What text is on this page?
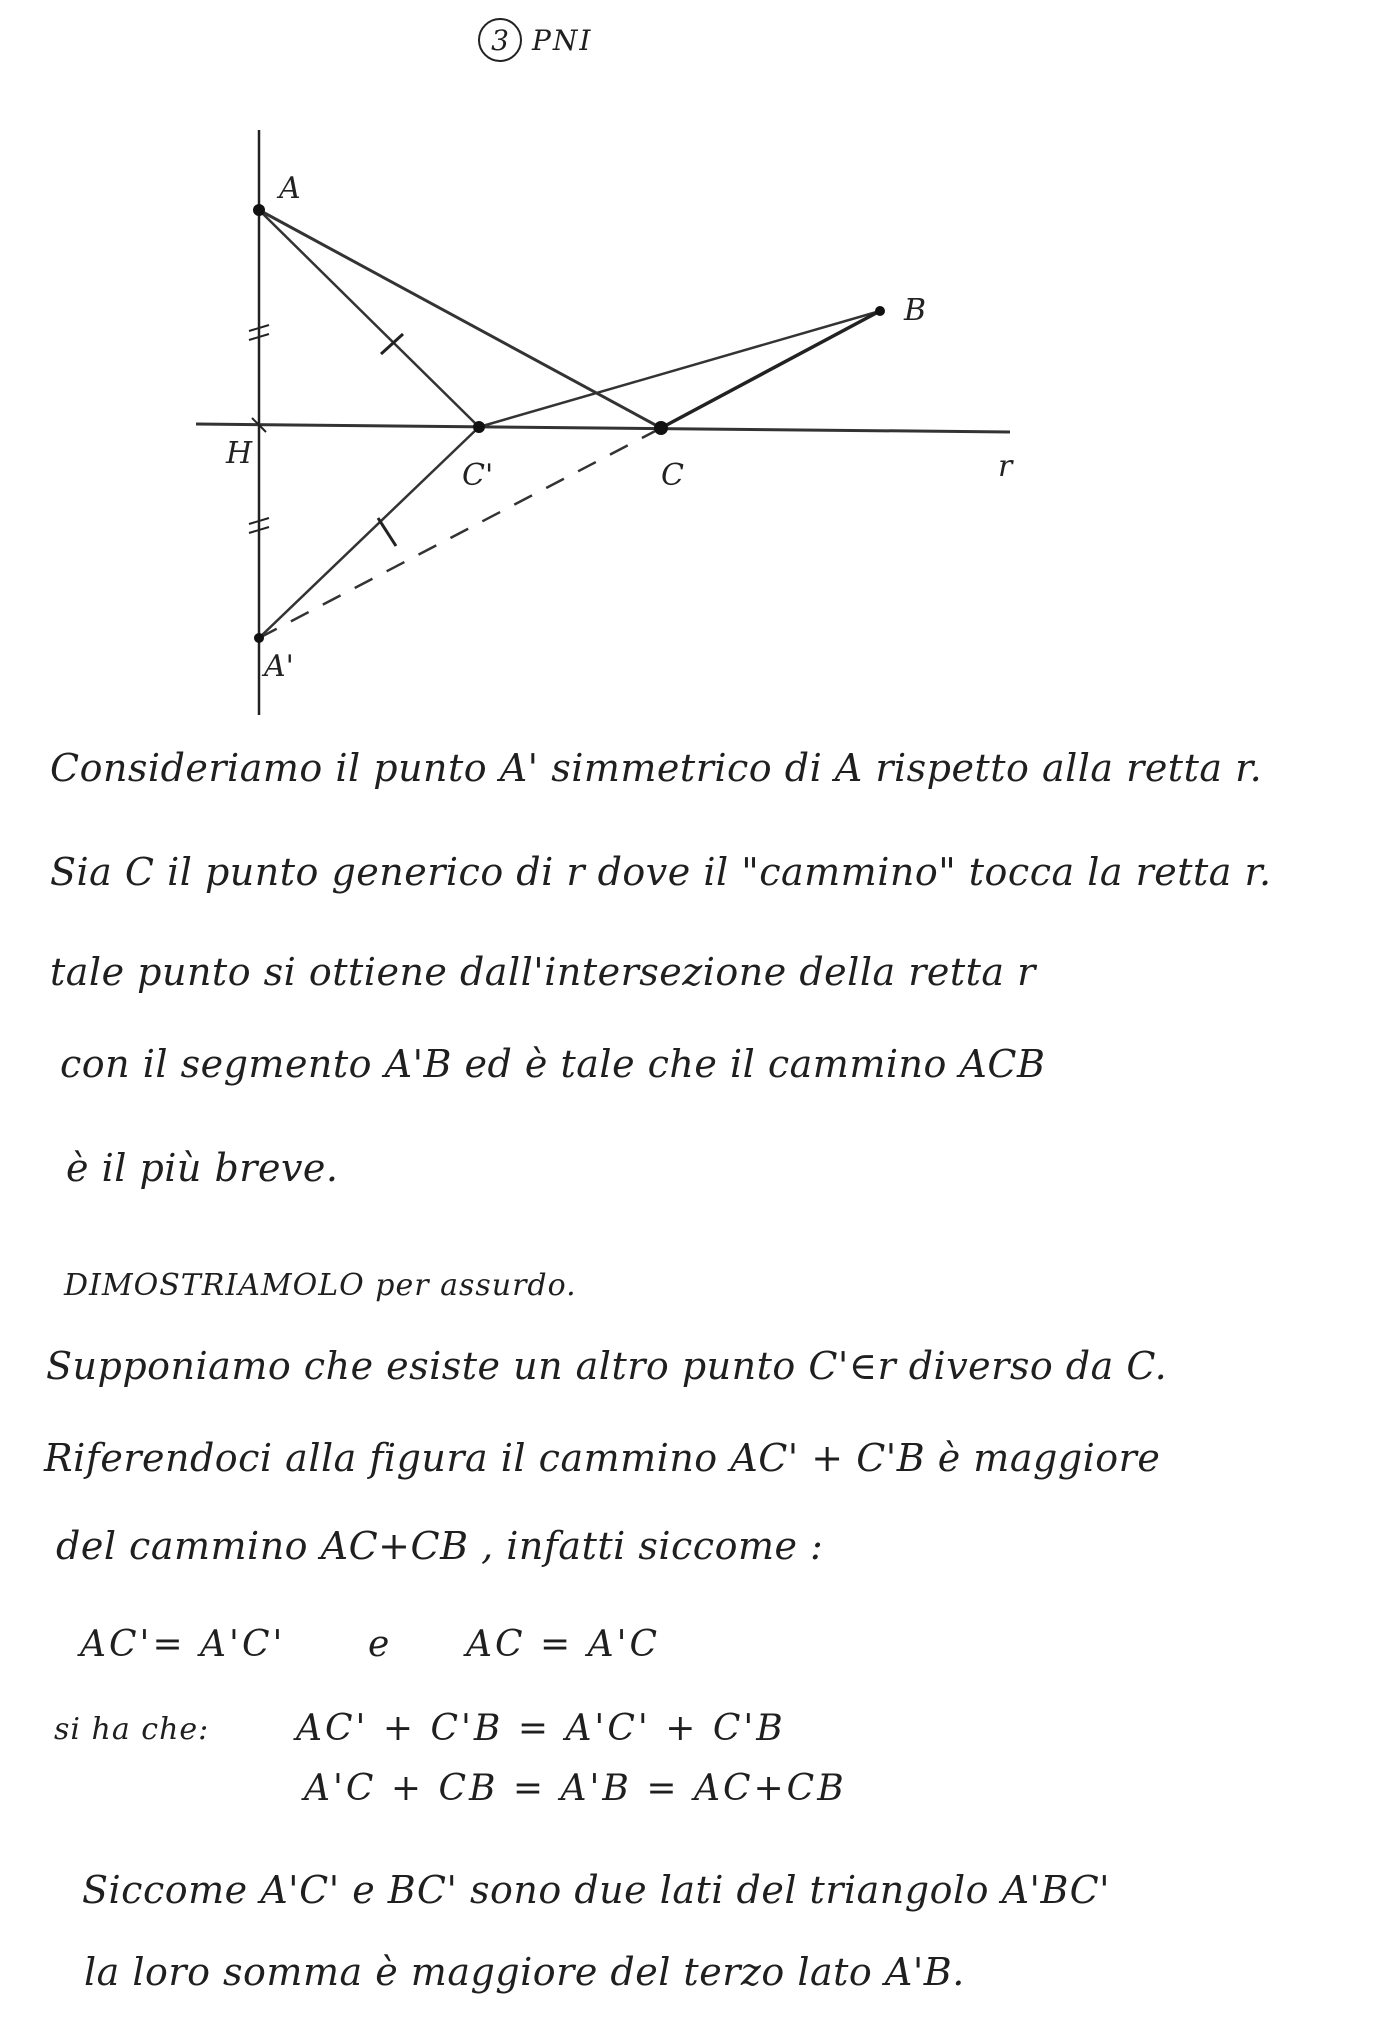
3 PNI
A
B
H
C'	C
A'
r
Consideriamo il punto A' simmetrico di A rispetto alla retta r.
Sia C il punto generico di r dove il "cammino" tocca la retta r.
tale punto si ottiene dall'intersezione della retta r
con il segmento A'B ed è tale che il cammino ACB
è il più breve.
DIMOSTRIAMOLO per assurdo.
Supponiamo che esiste un altro punto C'∈r diverso da C.
Riferendoci alla figura il cammino AC' + C'B è maggiore
del cammino AC+CB , infatti siccome :
AC'= A'C' e AC = A'C
si ha che: AC' + C'B = A'C' + C'B
A'C + CB = A'B = AC+CB
Siccome A'C' e BC' sono due lati del triangolo A'BC'
la loro somma è maggiore del terzo lato A'B.
